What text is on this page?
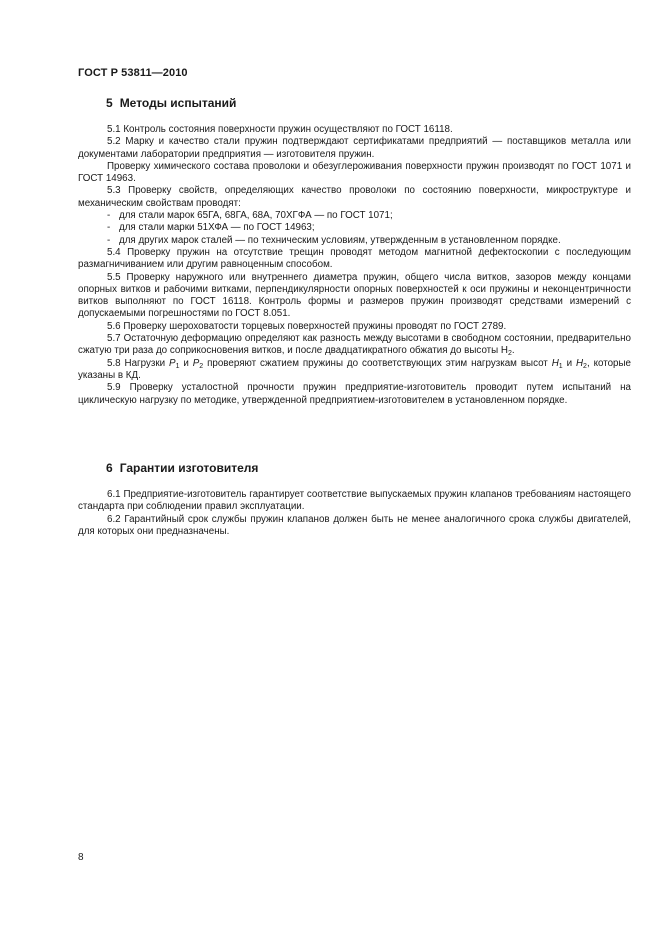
ГОСТ Р 53811—2010
5 Методы испытаний

5.1 Контроль состояния поверхности пружин осуществляют по ГОСТ 16118.

5.2 Марку и качество стали пружин подтверждают сертификатами предприятий — поставщиков металла или документами лаборатории предприятия — изготовителя пружин.

Проверку химического состава проволоки и обезуглероживания поверхности пружин производят по ГОСТ 1071 и ГОСТ 14963.

5.3 Проверку свойств, определяющих качество проволоки по состоянию поверхности, микроструктуре и механическим свойствам проводят:

- для стали марок 65ГА, 68ГА, 68А, 70ХГФА — по ГОСТ 1071;

- для стали марки 51ХФА — по ГОСТ 14963;

- для других марок сталей — по техническим условиям, утвержденным в установленном порядке.

5.4 Проверку пружин на отсутствие трещин проводят методом магнитной дефектоскопии с последующим размагничиванием или другим равноценным способом.

5.5 Проверку наружного или внутреннего диаметра пружин, общего числа витков, зазоров между концами опорных витков и рабочими витками, перпендикулярности опорных поверхностей к оси пружины и неконцентричности витков выполняют по ГОСТ 16118. Контроль формы и размеров пружин производят средствами измерений с допускаемыми погрешностями по ГОСТ 8.051.

5.6 Проверку шероховатости торцевых поверхностей пружины проводят по ГОСТ 2789.

5.7 Остаточную деформацию определяют как разность между высотами в свободном состоянии, предварительно сжатую три раза до соприкосновения витков, и после двадцатикратного обжатия до высоты $Н_2$.

5.8 Нагрузки $P_1$ и $P_2$ проверяют сжатием пружины до соответствующих этим нагрузкам высот $H_1$ и $H_2$, которые указаны в КД.

5.9 Проверку усталостной прочности пружин предприятие-изготовитель проводит путем испытаний на циклическую нагрузку по методике, утвержденной предприятием-изготовителем в установленном порядке.

6 Гарантии изготовителя

6.1 Предприятие-изготовитель гарантирует соответствие выпускаемых пружин клапанов требованиям настоящего стандарта при соблюдении правил эксплуатации.

6.2 Гарантийный срок службы пружин клапанов должен быть не менее аналогичного срока службы двигателей, для которых они предназначены.

8
